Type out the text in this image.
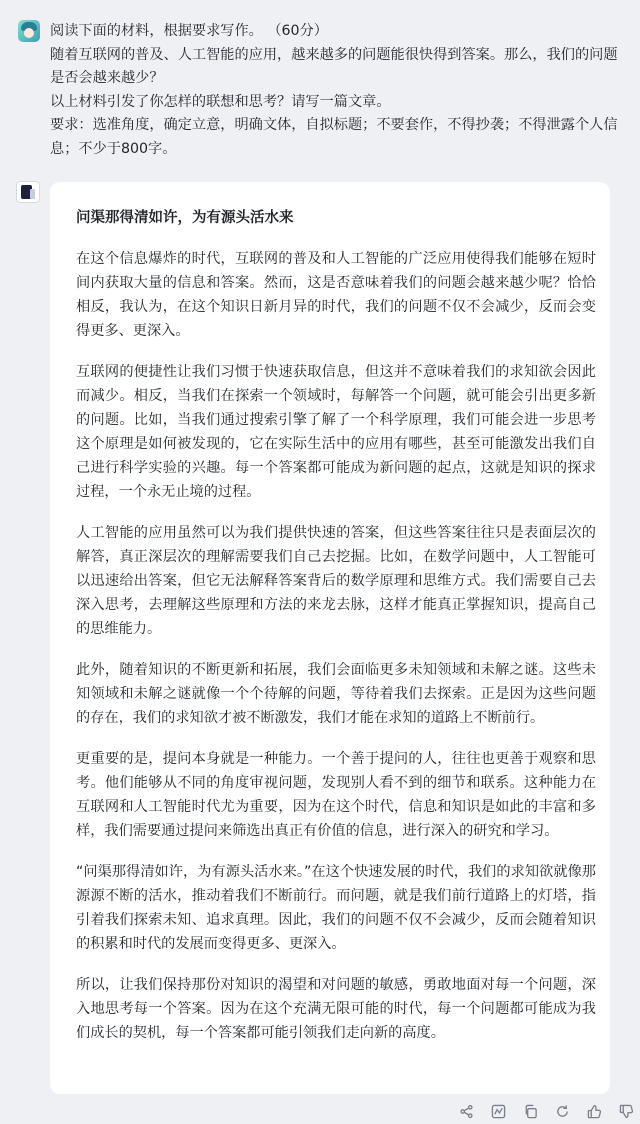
阅读下面的材料，根据要求写作。 （60分）

随着互联网的普及、人工智能的应用，越来越多的问题能很快得到答案。那么，我们的问题是否会越来越少？

以上材料引发了你怎样的联想和思考？请写一篇文章。

要求：选准角度，确定立意，明确文体，自拟标题；不要套作，不得抄袭；不得泄露个人信息；不少于800字。

问渠那得清如许，为有源头活水来

在这个信息爆炸的时代，互联网的普及和人工智能的广泛应用使得我们能够在短时间内获取大量的信息和答案。然而，这是否意味着我们的问题会越来越少呢？恰恰相反，我认为，在这个知识日新月异的时代，我们的问题不仅不会减少，反而会变得更多、更深入。

互联网的便捷性让我们习惯于快速获取信息，但这并不意味着我们的求知欲会因此而减少。相反，当我们在探索一个领域时，每解答一个问题，就可能会引出更多新的问题。比如，当我们通过搜索引擎了解了一个科学原理，我们可能会进一步思考这个原理是如何被发现的，它在实际生活中的应用有哪些，甚至可能激发出我们自己进行科学实验的兴趣。每一个答案都可能成为新问题的起点，这就是知识的探求过程，一个永无止境的过程。

人工智能的应用虽然可以为我们提供快速的答案，但这些答案往往只是表面层次的解答，真正深层次的理解需要我们自己去挖掘。比如，在数学问题中，人工智能可以迅速给出答案，但它无法解释答案背后的数学原理和思维方式。我们需要自己去深入思考，去理解这些原理和方法的来龙去脉，这样才能真正掌握知识，提高自己的思维能力。

此外，随着知识的不断更新和拓展，我们会面临更多未知领域和未解之谜。这些未知领域和未解之谜就像一个个待解的问题，等待着我们去探索。正是因为这些问题的存在，我们的求知欲才被不断激发，我们才能在求知的道路上不断前行。

更重要的是，提问本身就是一种能力。一个善于提问的人，往往也更善于观察和思考。他们能够从不同的角度审视问题，发现别人看不到的细节和联系。这种能力在互联网和人工智能时代尤为重要，因为在这个时代，信息和知识是如此的丰富和多样，我们需要通过提问来筛选出真正有价值的信息，进行深入的研究和学习。

“问渠那得清如许，为有源头活水来。”在这个快速发展的时代，我们的求知欲就像那源源不断的活水，推动着我们不断前行。而问题，就是我们前行道路上的灯塔，指引着我们探索未知、追求真理。因此，我们的问题不仅不会减少，反而会随着知识的积累和时代的发展而变得更多、更深入。

所以，让我们保持那份对知识的渴望和对问题的敏感，勇敢地面对每一个问题，深入地思考每一个答案。因为在这个充满无限可能的时代，每一个问题都可能成为我们成长的契机，每一个答案都可能引领我们走向新的高度。
